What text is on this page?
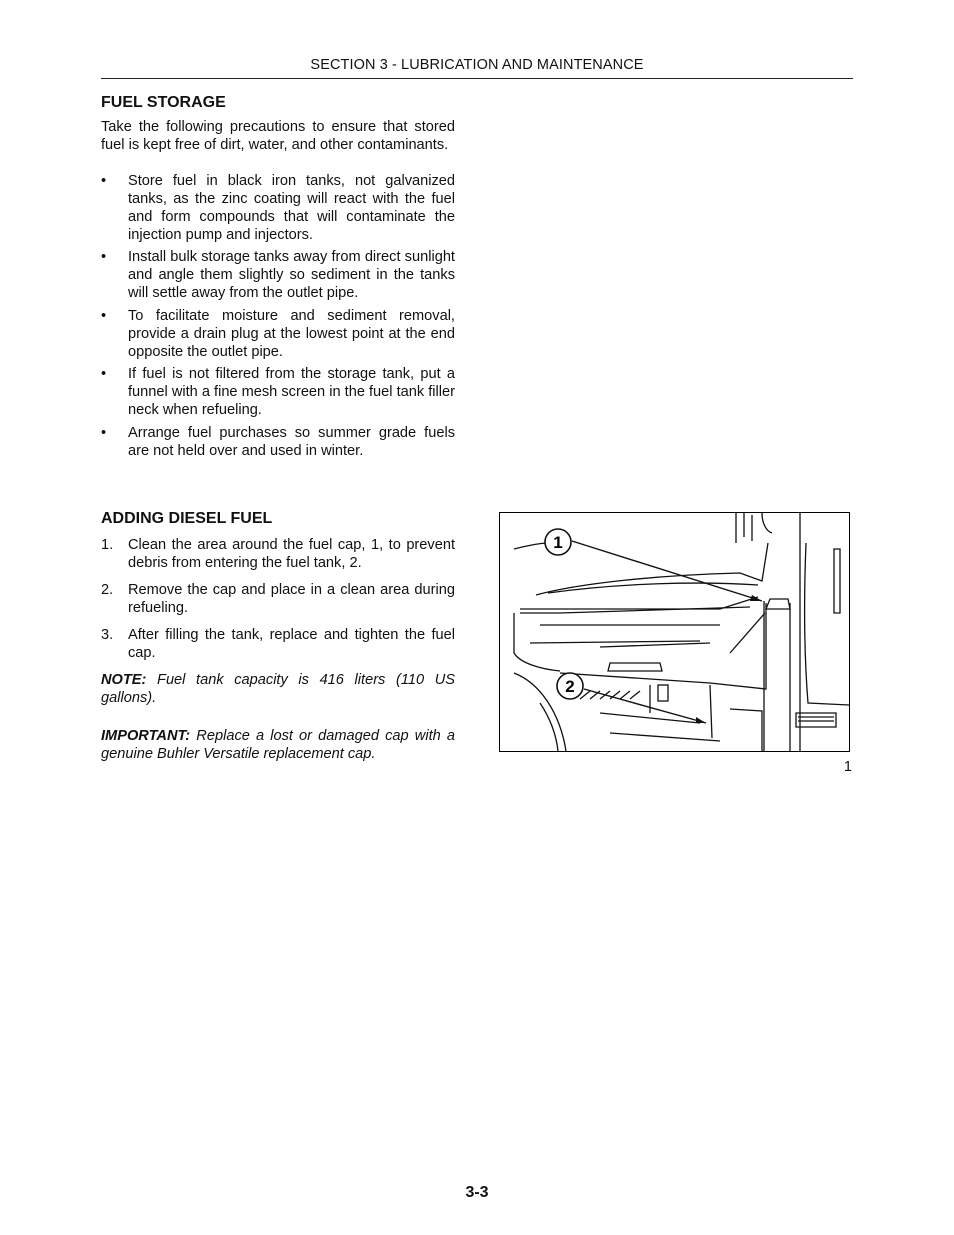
SECTION 3 - LUBRICATION AND MAINTENANCE
FUEL STORAGE

Take the following precautions to ensure that stored fuel is kept free of dirt, water, and other contaminants.

• Store fuel in black iron tanks, not galvanized tanks, as the zinc coating will react with the fuel and form compounds that will contaminate the injection pump and injectors.
• Install bulk storage tanks away from direct sunlight and angle them slightly so sediment in the tanks will settle away from the outlet pipe.
• To facilitate moisture and sediment removal, provide a drain plug at the lowest point at the end opposite the outlet pipe.
• If fuel is not filtered from the storage tank, put a funnel with a fine mesh screen in the fuel tank filler neck when refueling.
• Arrange fuel purchases so summer grade fuels are not held over and used in winter.
ADDING DIESEL FUEL
1. Clean the area around the fuel cap, 1, to prevent debris from entering the fuel tank, 2.
2. Remove the cap and place in a clean area during refueling.
3. After filling the tank, replace and tighten the fuel cap.

NOTE: Fuel tank capacity is 416 liters (110 US gallons).

IMPORTANT: Replace a lost or damaged cap with a genuine Buhler Versatile replacement cap.

1
2
1
3-3
